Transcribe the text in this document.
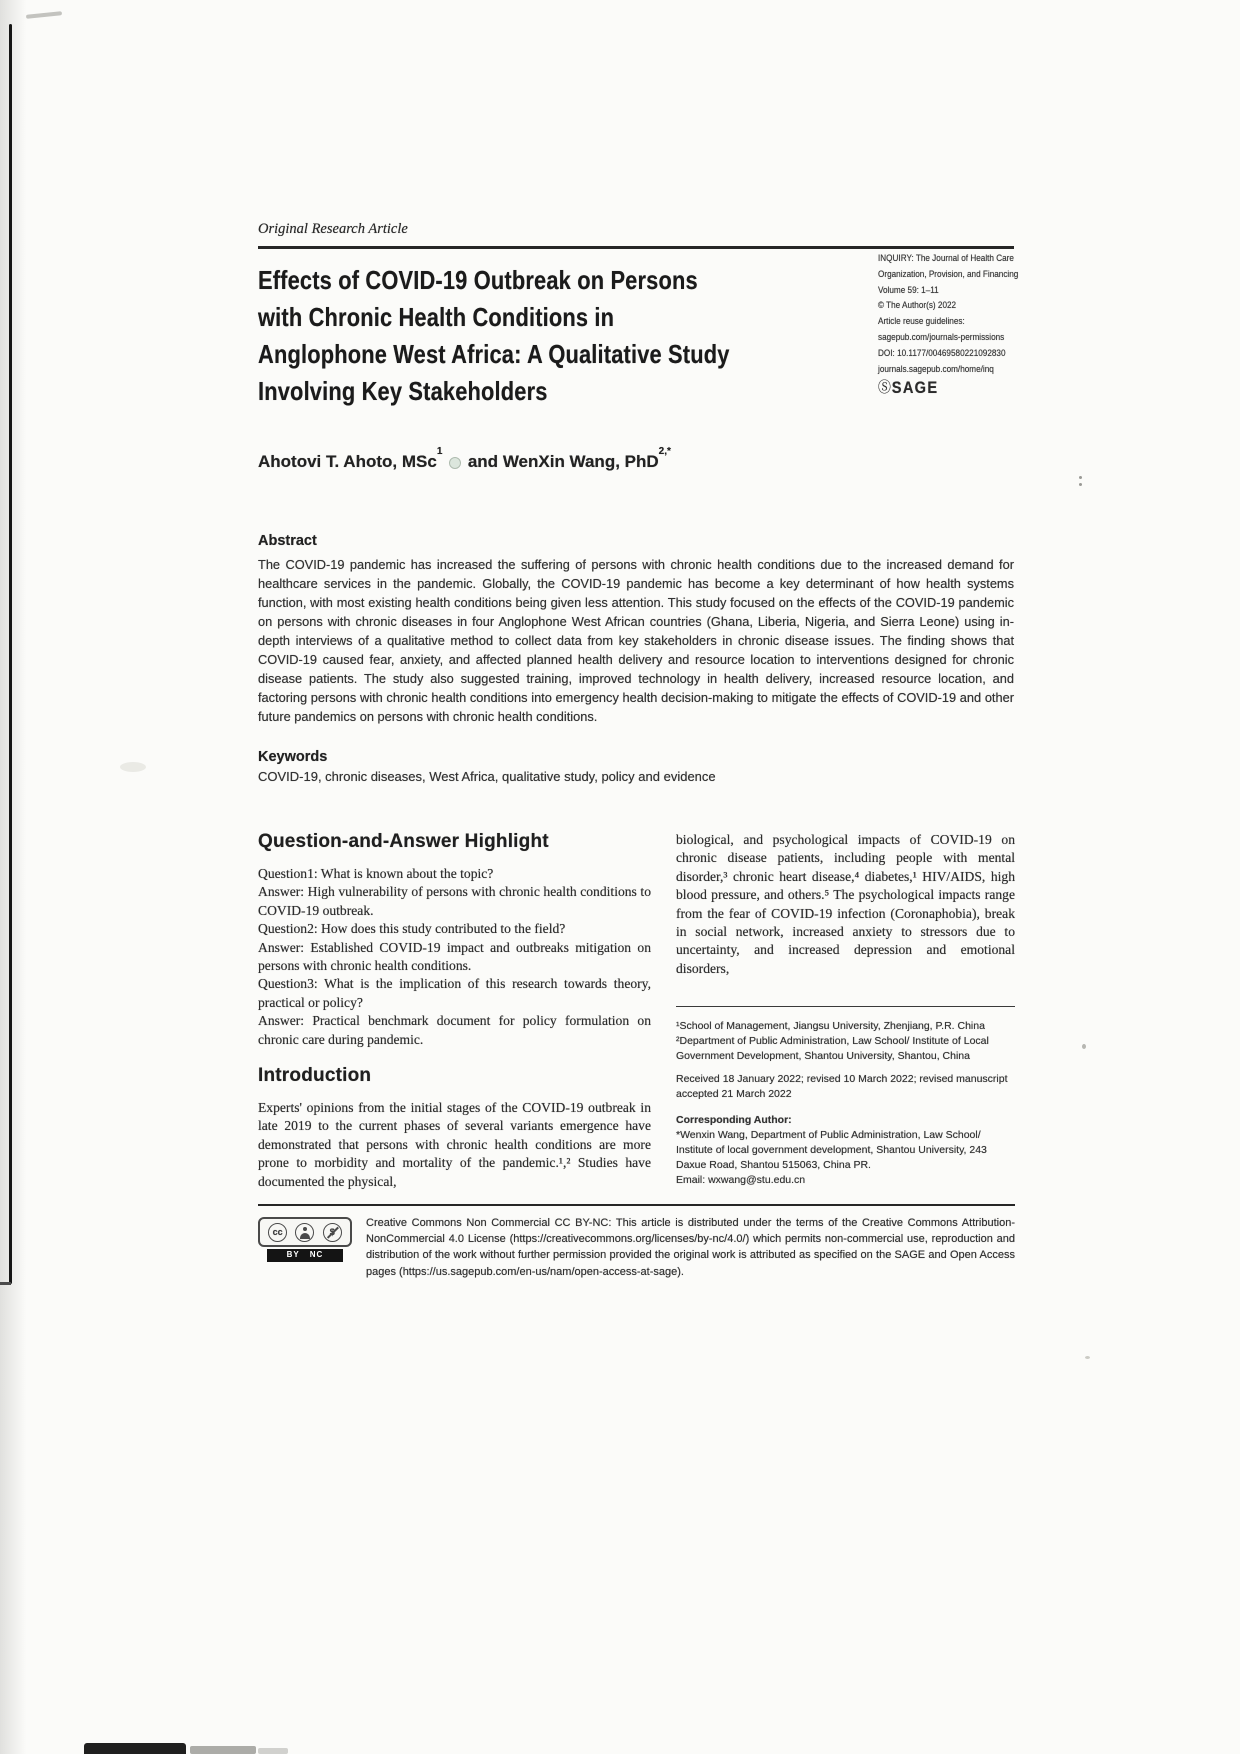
Original Research Article
Effects of COVID-19 Outbreak on Persons
with Chronic Health Conditions in
Anglophone West Africa: A Qualitative Study
Involving Key Stakeholders
INQUIRY: The Journal of Health Care
Organization, Provision, and Financing
Volume 59: 1–11
© The Author(s) 2022
Article reuse guidelines:
sagepub.com/journals-permissions
DOI: 10.1177/00469580221092830
journals.sagepub.com/home/inq
Ⓢ SAGE
Ahotovi T. Ahoto, MSc$^1$  and WenXin Wang, PhD$^{2,*}$
Abstract
The COVID-19 pandemic has increased the suffering of persons with chronic health conditions due to the increased demand for healthcare services in the pandemic. Globally, the COVID-19 pandemic has become a key determinant of how health systems function, with most existing health conditions being given less attention. This study focused on the effects of the COVID-19 pandemic on persons with chronic diseases in four Anglophone West African countries (Ghana, Liberia, Nigeria, and Sierra Leone) using in-depth interviews of a qualitative method to collect data from key stakeholders in chronic disease issues. The finding shows that COVID-19 caused fear, anxiety, and affected planned health delivery and resource location to interventions designed for chronic disease patients. The study also suggested training, improved technology in health delivery, increased resource location, and factoring persons with chronic health conditions into emergency health decision-making to mitigate the effects of COVID-19 and other future pandemics on persons with chronic health conditions.
Keywords
COVID-19, chronic diseases, West Africa, qualitative study, policy and evidence
Question-and-Answer Highlight
Question1: What is known about the topic?
Answer: High vulnerability of persons with chronic health conditions to COVID-19 outbreak.
Question2: How does this study contributed to the field?
Answer: Established COVID-19 impact and outbreaks mitigation on persons with chronic health conditions.
Question3: What is the implication of this research towards theory, practical or policy?
Answer: Practical benchmark document for policy formulation on chronic care during pandemic.
Introduction
Experts' opinions from the initial stages of the COVID-19 outbreak in late 2019 to the current phases of several variants emergence have demonstrated that persons with chronic health conditions are more prone to morbidity and mortality of the pandemic.¹,² Studies have documented the physical,
biological, and psychological impacts of COVID-19 on chronic disease patients, including people with mental disorder,³ chronic heart disease,⁴ diabetes,¹ HIV/AIDS, high blood pressure, and others.⁵ The psychological impacts range from the fear of COVID-19 infection (Coronaphobia), break in social network, increased anxiety to stressors due to uncertainty, and increased depression and emotional disorders,
¹School of Management, Jiangsu University, Zhenjiang, P.R. China
²Department of Public Administration, Law School/ Institute of Local Government Development, Shantou University, Shantou, China
Received 18 January 2022; revised 10 March 2022; revised manuscript accepted 21 March 2022
Corresponding Author:
*Wenxin Wang, Department of Public Administration, Law School/ Institute of local government development, Shantou University, 243 Daxue Road, Shantou 515063, China PR.
Email: wxwang@stu.edu.cn
cc
BY NC
Creative Commons Non Commercial CC BY-NC: This article is distributed under the terms of the Creative Commons Attribution-NonCommercial 4.0 License (https://creativecommons.org/licenses/by-nc/4.0/) which permits non-commercial use, reproduction and distribution of the work without further permission provided the original work is attributed as specified on the SAGE and Open Access pages (https://us.sagepub.com/en-us/nam/open-access-at-sage).
